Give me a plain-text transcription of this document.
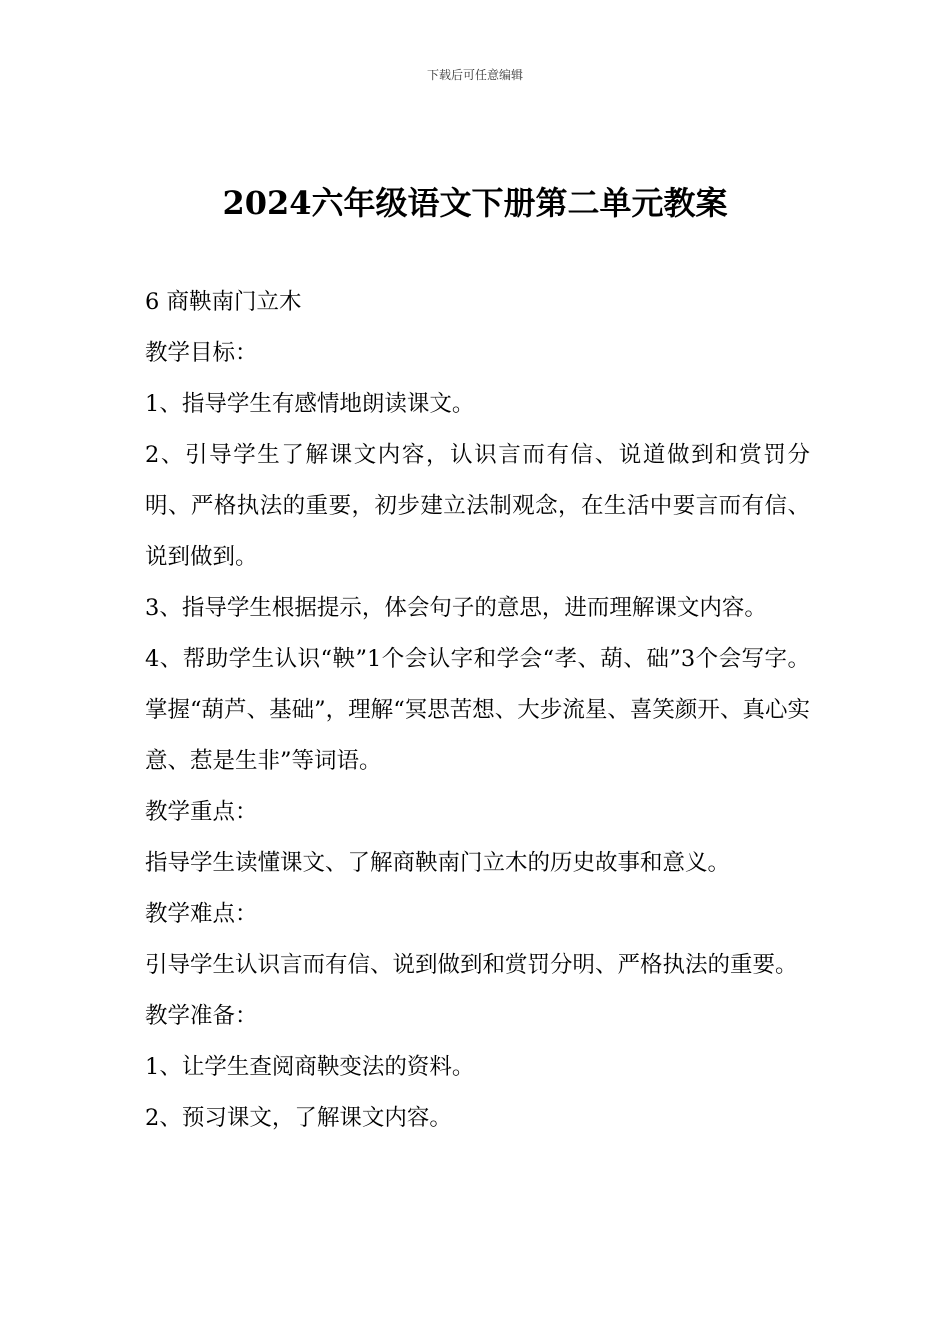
下载后可任意编辑
2024六年级语文下册第二单元教案

6 商鞅南门立木

教学目标：

1、指导学生有感情地朗读课文。

2、引导学生了解课文内容，认识言而有信、说道做到和赏罚分明、严格执法的重要，初步建立法制观念，在生活中要言而有信、说到做到。

3、指导学生根据提示，体会句子的意思，进而理解课文内容。

4、帮助学生认识“鞅”1个会认字和学会“孝、葫、础”3个会写字。掌握“葫芦、基础”，理解“冥思苦想、大步流星、喜笑颜开、真心实意、惹是生非”等词语。

教学重点：

指导学生读懂课文、了解商鞅南门立木的历史故事和意义。

教学难点：

引导学生认识言而有信、说到做到和赏罚分明、严格执法的重要。

教学准备：

1、让学生查阅商鞅变法的资料。

2、预习课文，了解课文内容。
